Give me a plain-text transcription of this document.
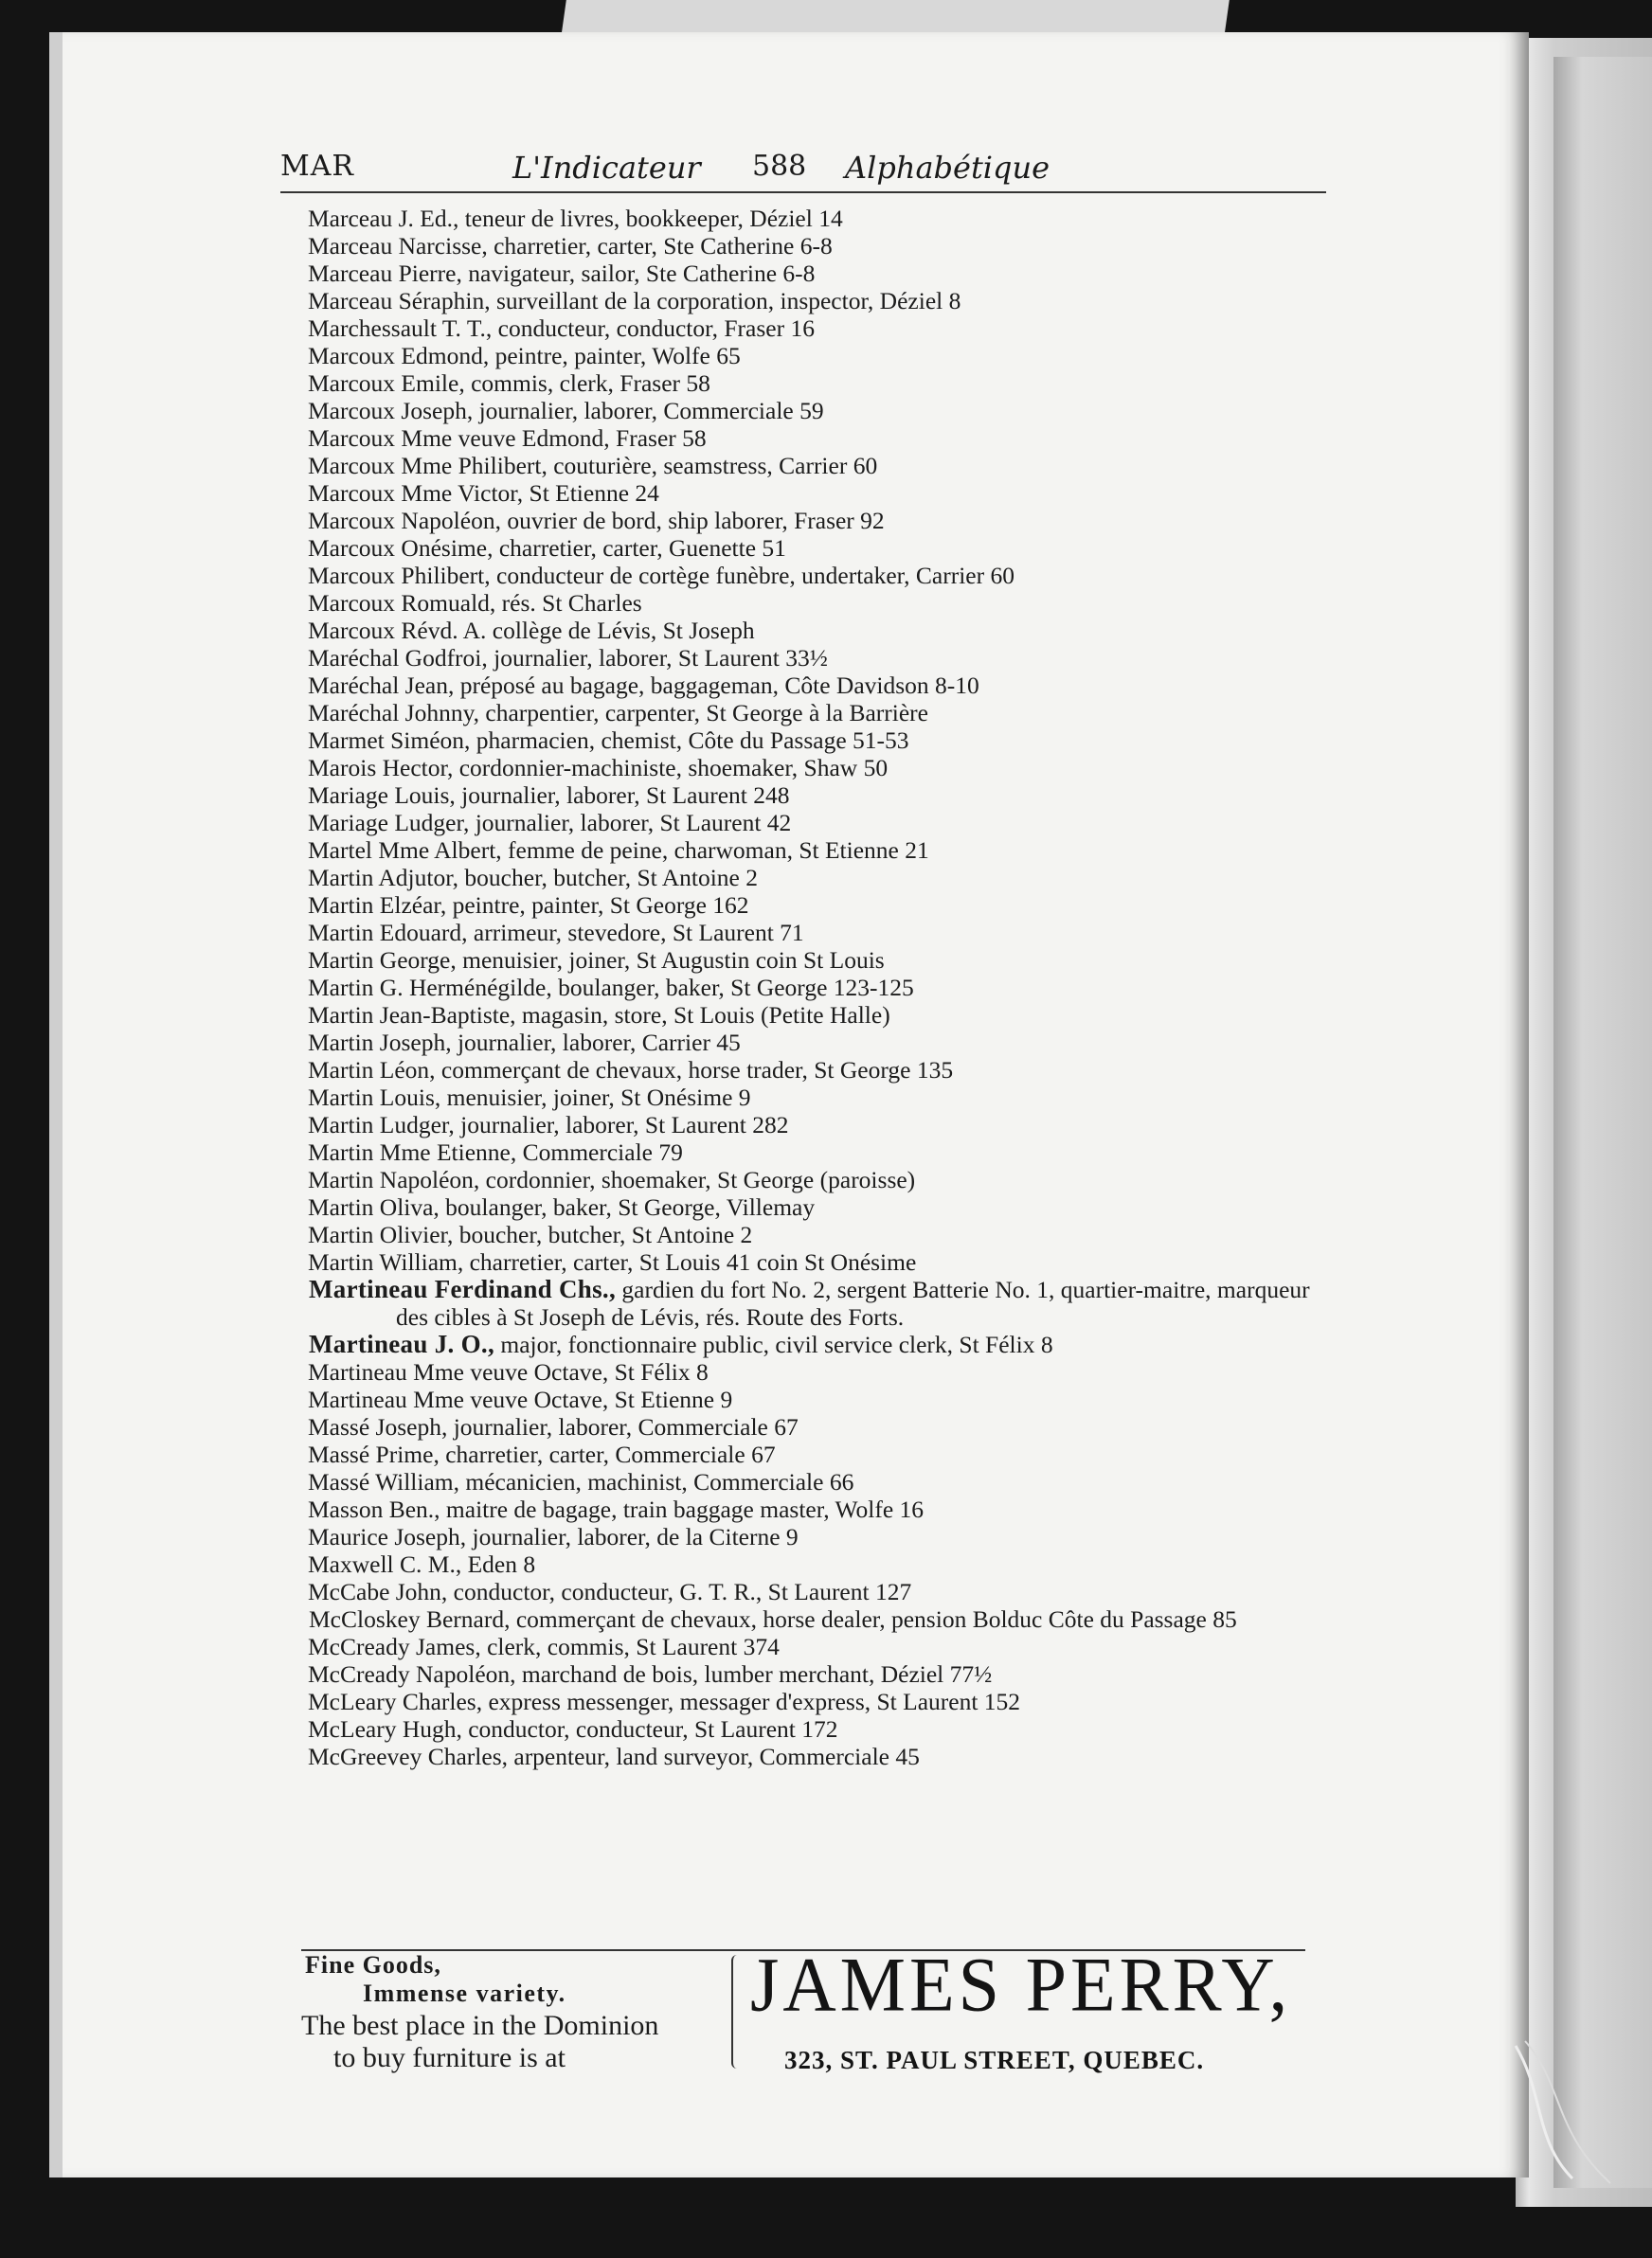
MAR	L'Indicateur 588 Alphabétique

Marceau J. Ed., teneur de livres, bookkeeper, Déziel 14

Marceau Narcisse, charretier, carter, Ste Catherine 6-8

Marceau Pierre, navigateur, sailor, Ste Catherine 6-8

Marceau Séraphin, surveillant de la corporation, inspector, Déziel 8

Marchessault T. T., conducteur, conductor, Fraser 16

Marcoux Edmond, peintre, painter, Wolfe 65

Marcoux Emile, commis, clerk, Fraser 58

Marcoux Joseph, journalier, laborer, Commerciale 59

Marcoux Mme veuve Edmond, Fraser 58

Marcoux Mme Philibert, couturière, seamstress, Carrier 60

Marcoux Mme Victor, St Etienne 24

Marcoux Napoléon, ouvrier de bord, ship laborer, Fraser 92

Marcoux Onésime, charretier, carter, Guenette 51

Marcoux Philibert, conducteur de cortège funèbre, undertaker, Carrier 60

Marcoux Romuald, rés. St Charles

Marcoux Révd. A. collège de Lévis, St Joseph

Maréchal Godfroi, journalier, laborer, St Laurent 33½

Maréchal Jean, préposé au bagage, baggageman, Côte Davidson 8-10

Maréchal Johnny, charpentier, carpenter, St George à la Barrière

Marmet Siméon, pharmacien, chemist, Côte du Passage 51-53

Marois Hector, cordonnier-machiniste, shoemaker, Shaw 50

Mariage Louis, journalier, laborer, St Laurent 248

Mariage Ludger, journalier, laborer, St Laurent 42

Martel Mme Albert, femme de peine, charwoman, St Etienne 21

Martin Adjutor, boucher, butcher, St Antoine 2

Martin Elzéar, peintre, painter, St George 162

Martin Edouard, arrimeur, stevedore, St Laurent 71

Martin George, menuisier, joiner, St Augustin coin St Louis

Martin G. Herménégilde, boulanger, baker, St George 123-125

Martin Jean-Baptiste, magasin, store, St Louis (Petite Halle)

Martin Joseph, journalier, laborer, Carrier 45

Martin Léon, commerçant de chevaux, horse trader, St George 135

Martin Louis, menuisier, joiner, St Onésime 9

Martin Ludger, journalier, laborer, St Laurent 282

Martin Mme Etienne, Commerciale 79

Martin Napoléon, cordonnier, shoemaker, St George (paroisse)

Martin Oliva, boulanger, baker, St George, Villemay

Martin Olivier, boucher, butcher, St Antoine 2

Martin William, charretier, carter, St Louis 41 coin St Onésime

Martineau Ferdinand Chs., gardien du fort No. 2, sergent Batterie No. 1, quartier-maitre, marqueur des cibles à St Joseph de Lévis, rés. Route des Forts.

Martineau J. O., major, fonctionnaire public, civil service clerk, St Félix 8

Martineau Mme veuve Octave, St Félix 8

Martineau Mme veuve Octave, St Etienne 9

Massé Joseph, journalier, laborer, Commerciale 67

Massé Prime, charretier, carter, Commerciale 67

Massé William, mécanicien, machinist, Commerciale 66

Masson Ben., maitre de bagage, train baggage master, Wolfe 16

Maurice Joseph, journalier, laborer, de la Citerne 9

Maxwell C. M., Eden 8

McCabe John, conductor, conducteur, G. T. R., St Laurent 127

McCloskey Bernard, commerçant de chevaux, horse dealer, pension Bolduc Côte du Passage 85

McCready James, clerk, commis, St Laurent 374

McCready Napoléon, marchand de bois, lumber merchant, Déziel 77½

McLeary Charles, express messenger, messager d'express, St Laurent 152

McLeary Hugh, conductor, conducteur, St Laurent 172

McGreevey Charles, arpenteur, land surveyor, Commerciale 45

Fine Goods,
Immense variety.
The best place in the Dominion
to buy furniture is at
JAMES PERRY,
323, ST. PAUL STREET, QUEBEC.
